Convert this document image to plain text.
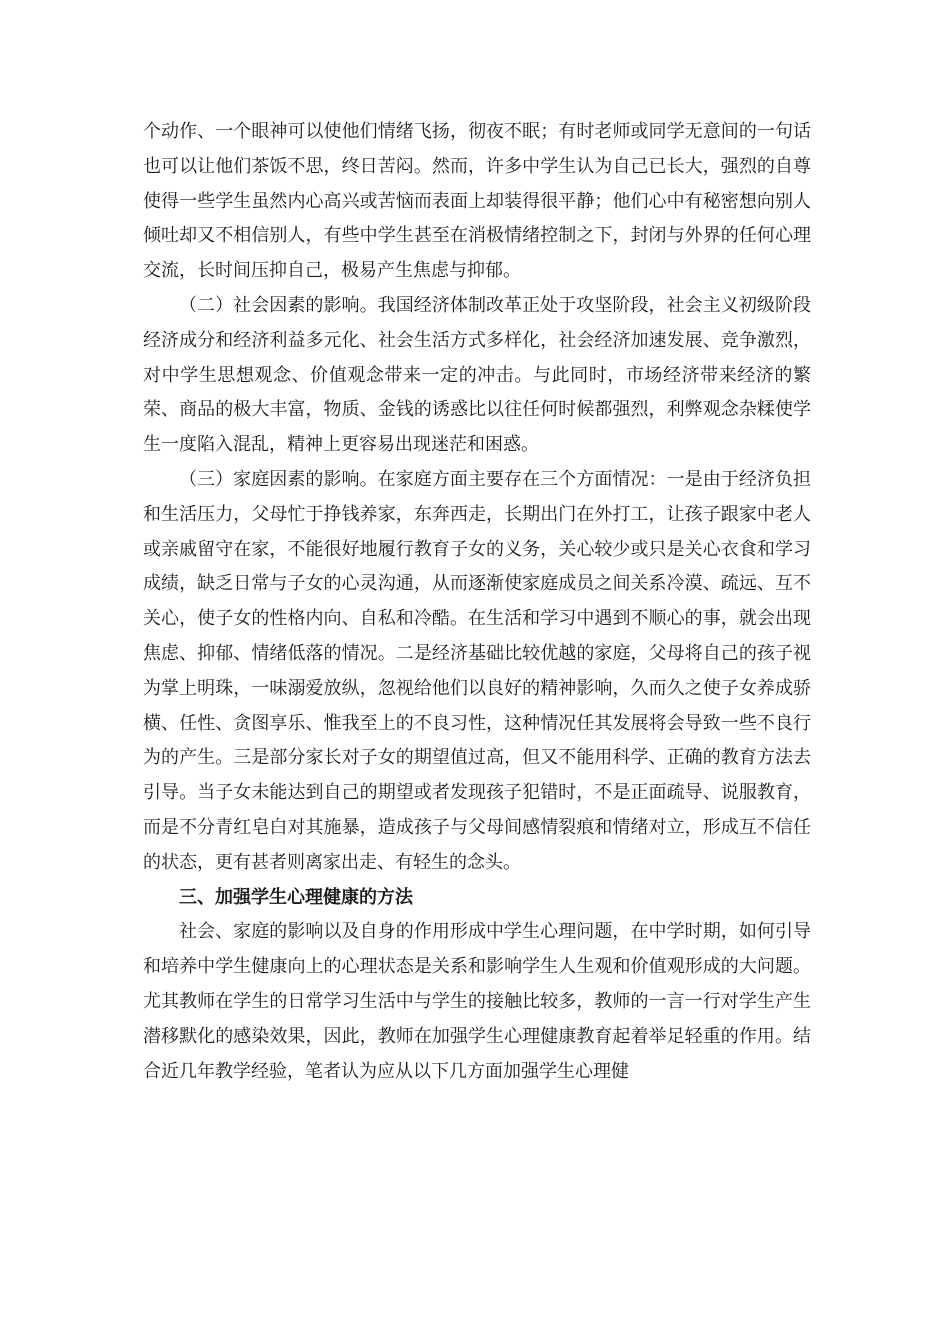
个动作、一个眼神可以使他们情绪飞扬，彻夜不眠；有时老师或同学无意间的一句话也可以让他们茶饭不思，终日苦闷。然而，许多中学生认为自己已长大，强烈的自尊使得一些学生虽然内心高兴或苦恼而表面上却装得很平静；他们心中有秘密想向别人倾吐却又不相信别人，有些中学生甚至在消极情绪控制之下，封闭与外界的任何心理交流，长时间压抑自己，极易产生焦虑与抑郁。

（二）社会因素的影响。我国经济体制改革正处于攻坚阶段，社会主义初级阶段经济成分和经济利益多元化、社会生活方式多样化，社会经济加速发展、竞争激烈，对中学生思想观念、价值观念带来一定的冲击。与此同时，市场经济带来经济的繁荣、商品的极大丰富，物质、金钱的诱惑比以往任何时候都强烈，利弊观念杂糅使学生一度陷入混乱，精神上更容易出现迷茫和困惑。

（三）家庭因素的影响。在家庭方面主要存在三个方面情况：一是由于经济负担和生活压力，父母忙于挣钱养家，东奔西走，长期出门在外打工，让孩子跟家中老人或亲戚留守在家，不能很好地履行教育子女的义务，关心较少或只是关心衣食和学习成绩，缺乏日常与子女的心灵沟通，从而逐渐使家庭成员之间关系冷漠、疏远、互不关心，使子女的性格内向、自私和冷酷。在生活和学习中遇到不顺心的事，就会出现焦虑、抑郁、情绪低落的情况。二是经济基础比较优越的家庭，父母将自己的孩子视为掌上明珠，一味溺爱放纵，忽视给他们以良好的精神影响，久而久之使子女养成骄横、任性、贪图享乐、惟我至上的不良习性，这种情况任其发展将会导致一些不良行为的产生。三是部分家长对子女的期望值过高，但又不能用科学、正确的教育方法去引导。当子女未能达到自己的期望或者发现孩子犯错时，不是正面疏导、说服教育，而是不分青红皂白对其施暴，造成孩子与父母间感情裂痕和情绪对立，形成互不信任的状态，更有甚者则离家出走、有轻生的念头。

三、加强学生心理健康的方法

社会、家庭的影响以及自身的作用形成中学生心理问题，在中学时期，如何引导和培养中学生健康向上的心理状态是关系和影响学生人生观和价值观形成的大问题。尤其教师在学生的日常学习生活中与学生的接触比较多，教师的一言一行对学生产生潜移默化的感染效果，因此，教师在加强学生心理健康教育起着举足轻重的作用。结合近几年教学经验，笔者认为应从以下几方面加强学生心理健
